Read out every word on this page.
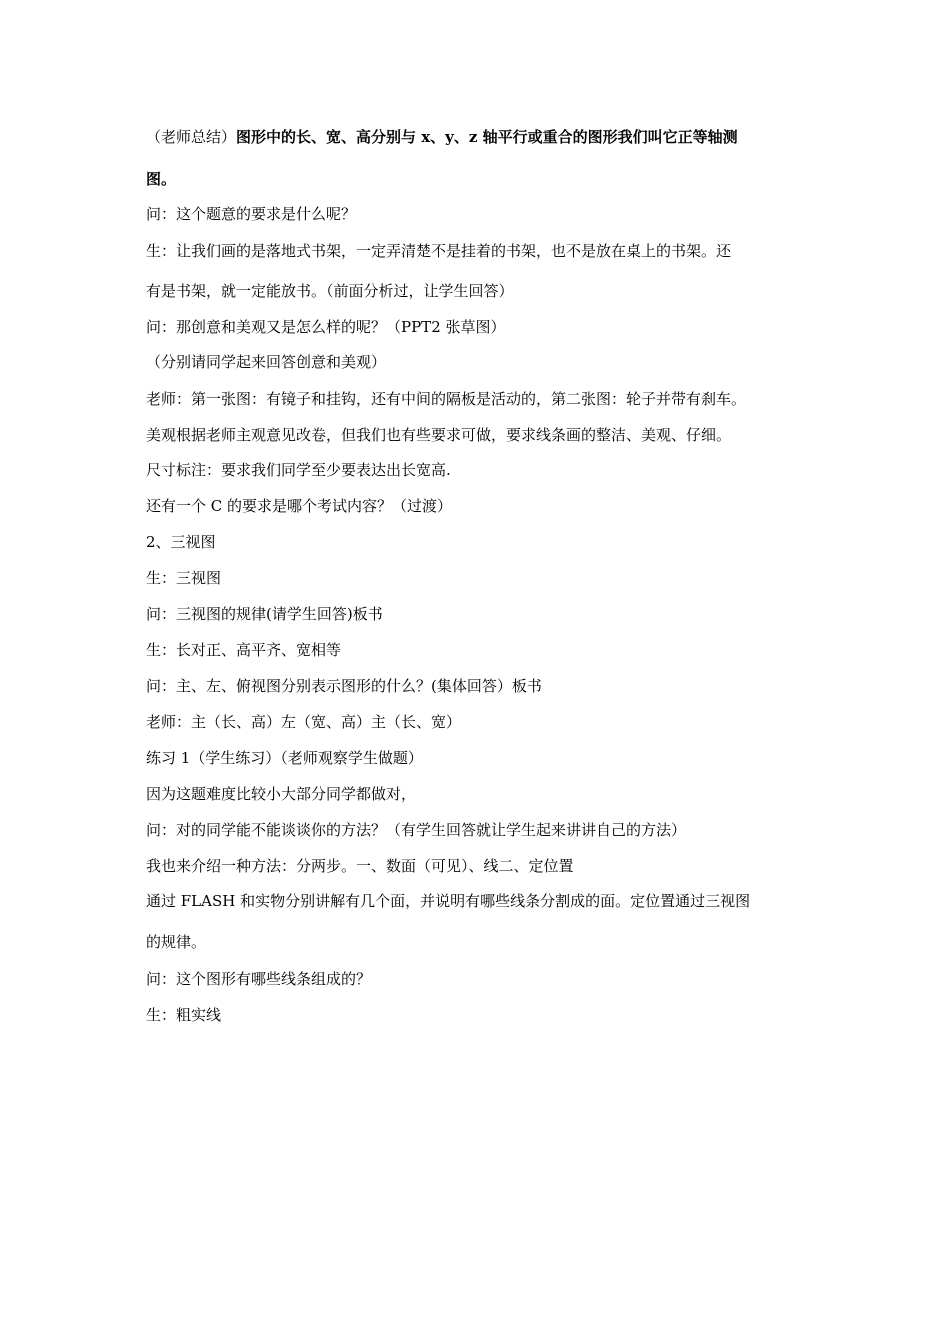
（老师总结）图形中的长、宽、高分别与 x、y、z 轴平行或重合的图形我们叫它正等轴测
图。
问：这个题意的要求是什么呢？
生：让我们画的是落地式书架，一定弄清楚不是挂着的书架，也不是放在桌上的书架。还
有是书架，就一定能放书。（前面分析过，让学生回答）
问：那创意和美观又是怎么样的呢？（PPT2 张草图）
（分别请同学起来回答创意和美观）
老师：第一张图：有镜子和挂钩，还有中间的隔板是活动的，第二张图：轮子并带有刹车。
美观根据老师主观意见改卷，但我们也有些要求可做，要求线条画的整洁、美观、仔细。
尺寸标注：要求我们同学至少要表达出长宽高.
还有一个 C 的要求是哪个考试内容？（过渡）
2、三视图
生：三视图
问：三视图的规律(请学生回答)板书
生：长对正、高平齐、宽相等
问：主、左、俯视图分别表示图形的什么？(集体回答）板书
老师：主（长、高）左（宽、高）主（长、宽）
练习 1（学生练习）（老师观察学生做题）
因为这题难度比较小大部分同学都做对，
问：对的同学能不能谈谈你的方法？（有学生回答就让学生起来讲讲自己的方法）
我也来介绍一种方法：分两步。一、数面（可见）、线二、定位置
通过 FLASH 和实物分别讲解有几个面，并说明有哪些线条分割成的面。定位置通过三视图
的规律。
问：这个图形有哪些线条组成的？
生：粗实线
